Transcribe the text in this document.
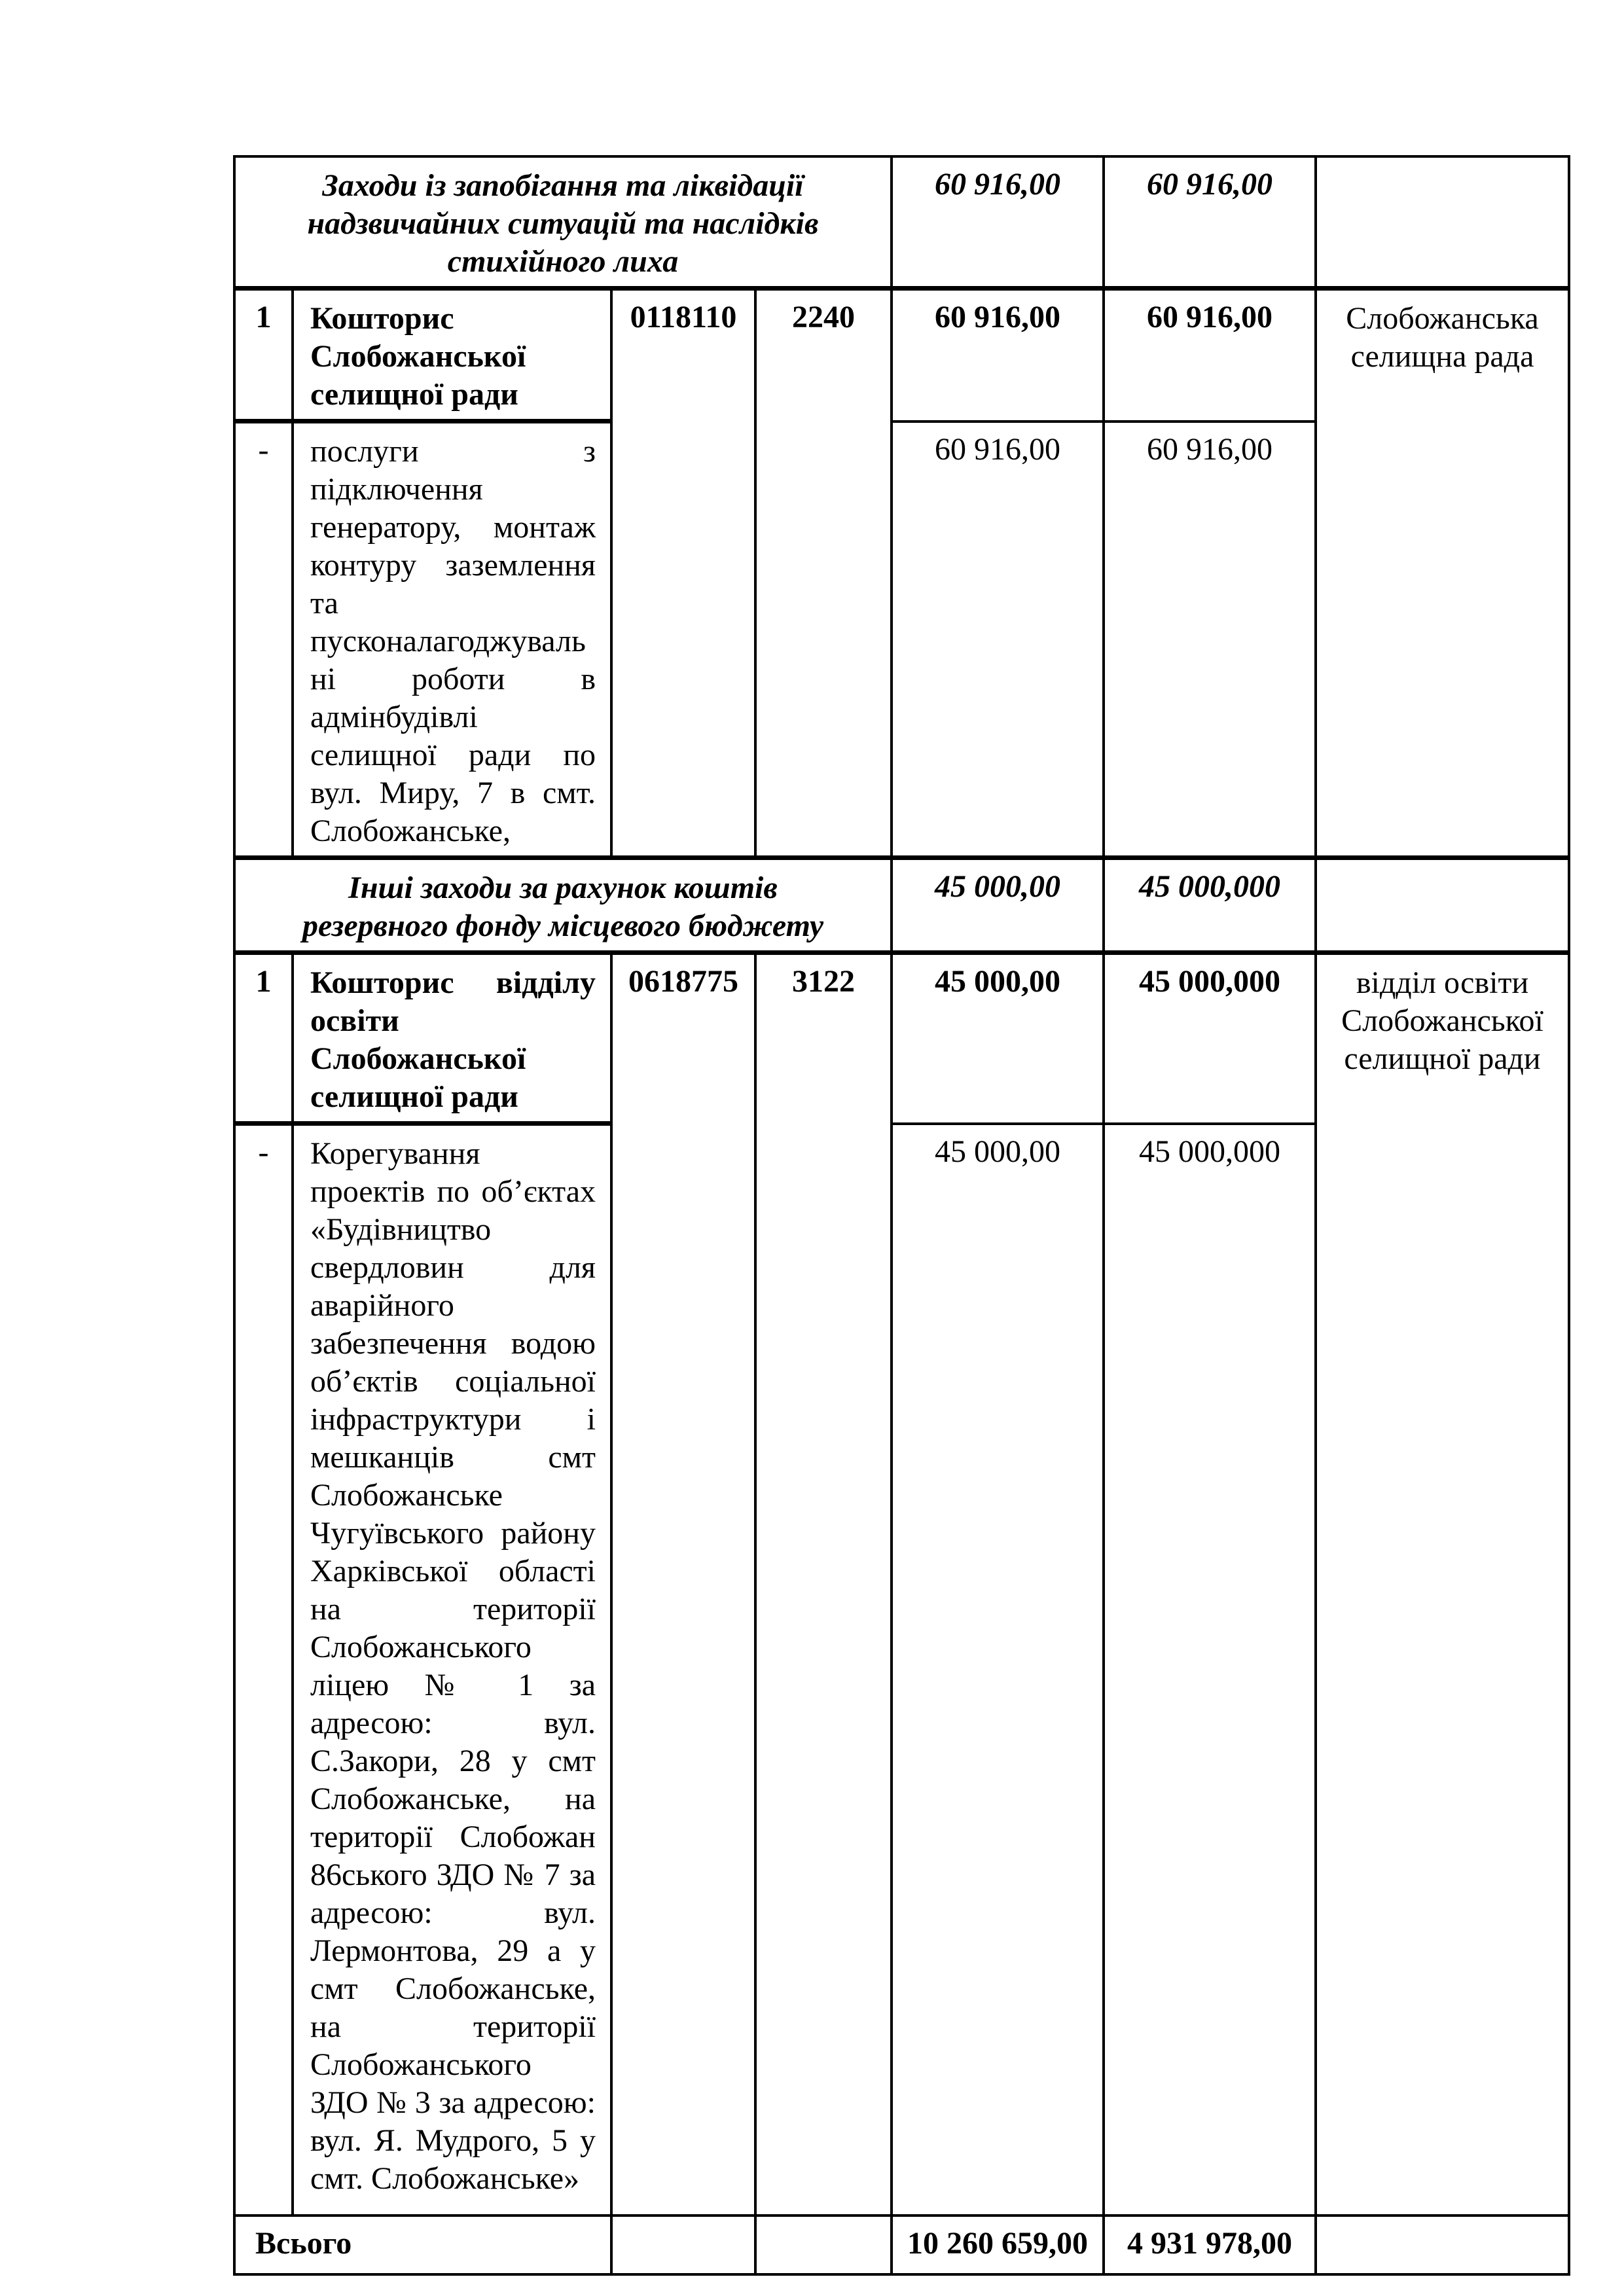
Заходи із запобігання та ліквідації надзвичайних ситуацій та наслідків стихійного лиха				60 916,00	60 916,00	
1	Кошторис Слобожанської селищної ради	0118110	2240	60 916,00	60 916,00	Слобожанська селищна рада
-	послуги з підключення генератору, монтаж контуру заземлення та пусконалагоджувальні роботи в адмінбудівлі селищної ради по вул. Миру, 7 в смт. Слобожанське,			60 916,00	60 916,00	
Інші заходи за рахунок коштів резервного фонду місцевого бюджету				45 000,00	45 000,000	
1	Кошторис відділу освіти Слобожанської селищної ради	0618775	3122	45 000,00	45 000,000	відділ освіти Слобожанської селищної ради
-	Корегування проектів по об’єктах «Будівництво свердловин для аварійного забезпечення водою об’єктів соціальної інфраструктури і мешканців смт Слобожанське Чугуївського району Харківської області на території Слобожанського ліцею № 1 за адресою: вул. С.Закори, 28 у смт Слобожанське, на території Слобожан 86ського ЗДО № 7 за адресою: вул. Лермонтова, 29 а у смт Слобожанське, на території Слобожанського ЗДО № 3 за адресою: вул. Я. Мудрого, 5 у смт. Слобожанське»			45 000,00	45 000,000	
Всього				10 260 659,00	4 931 978,00	
